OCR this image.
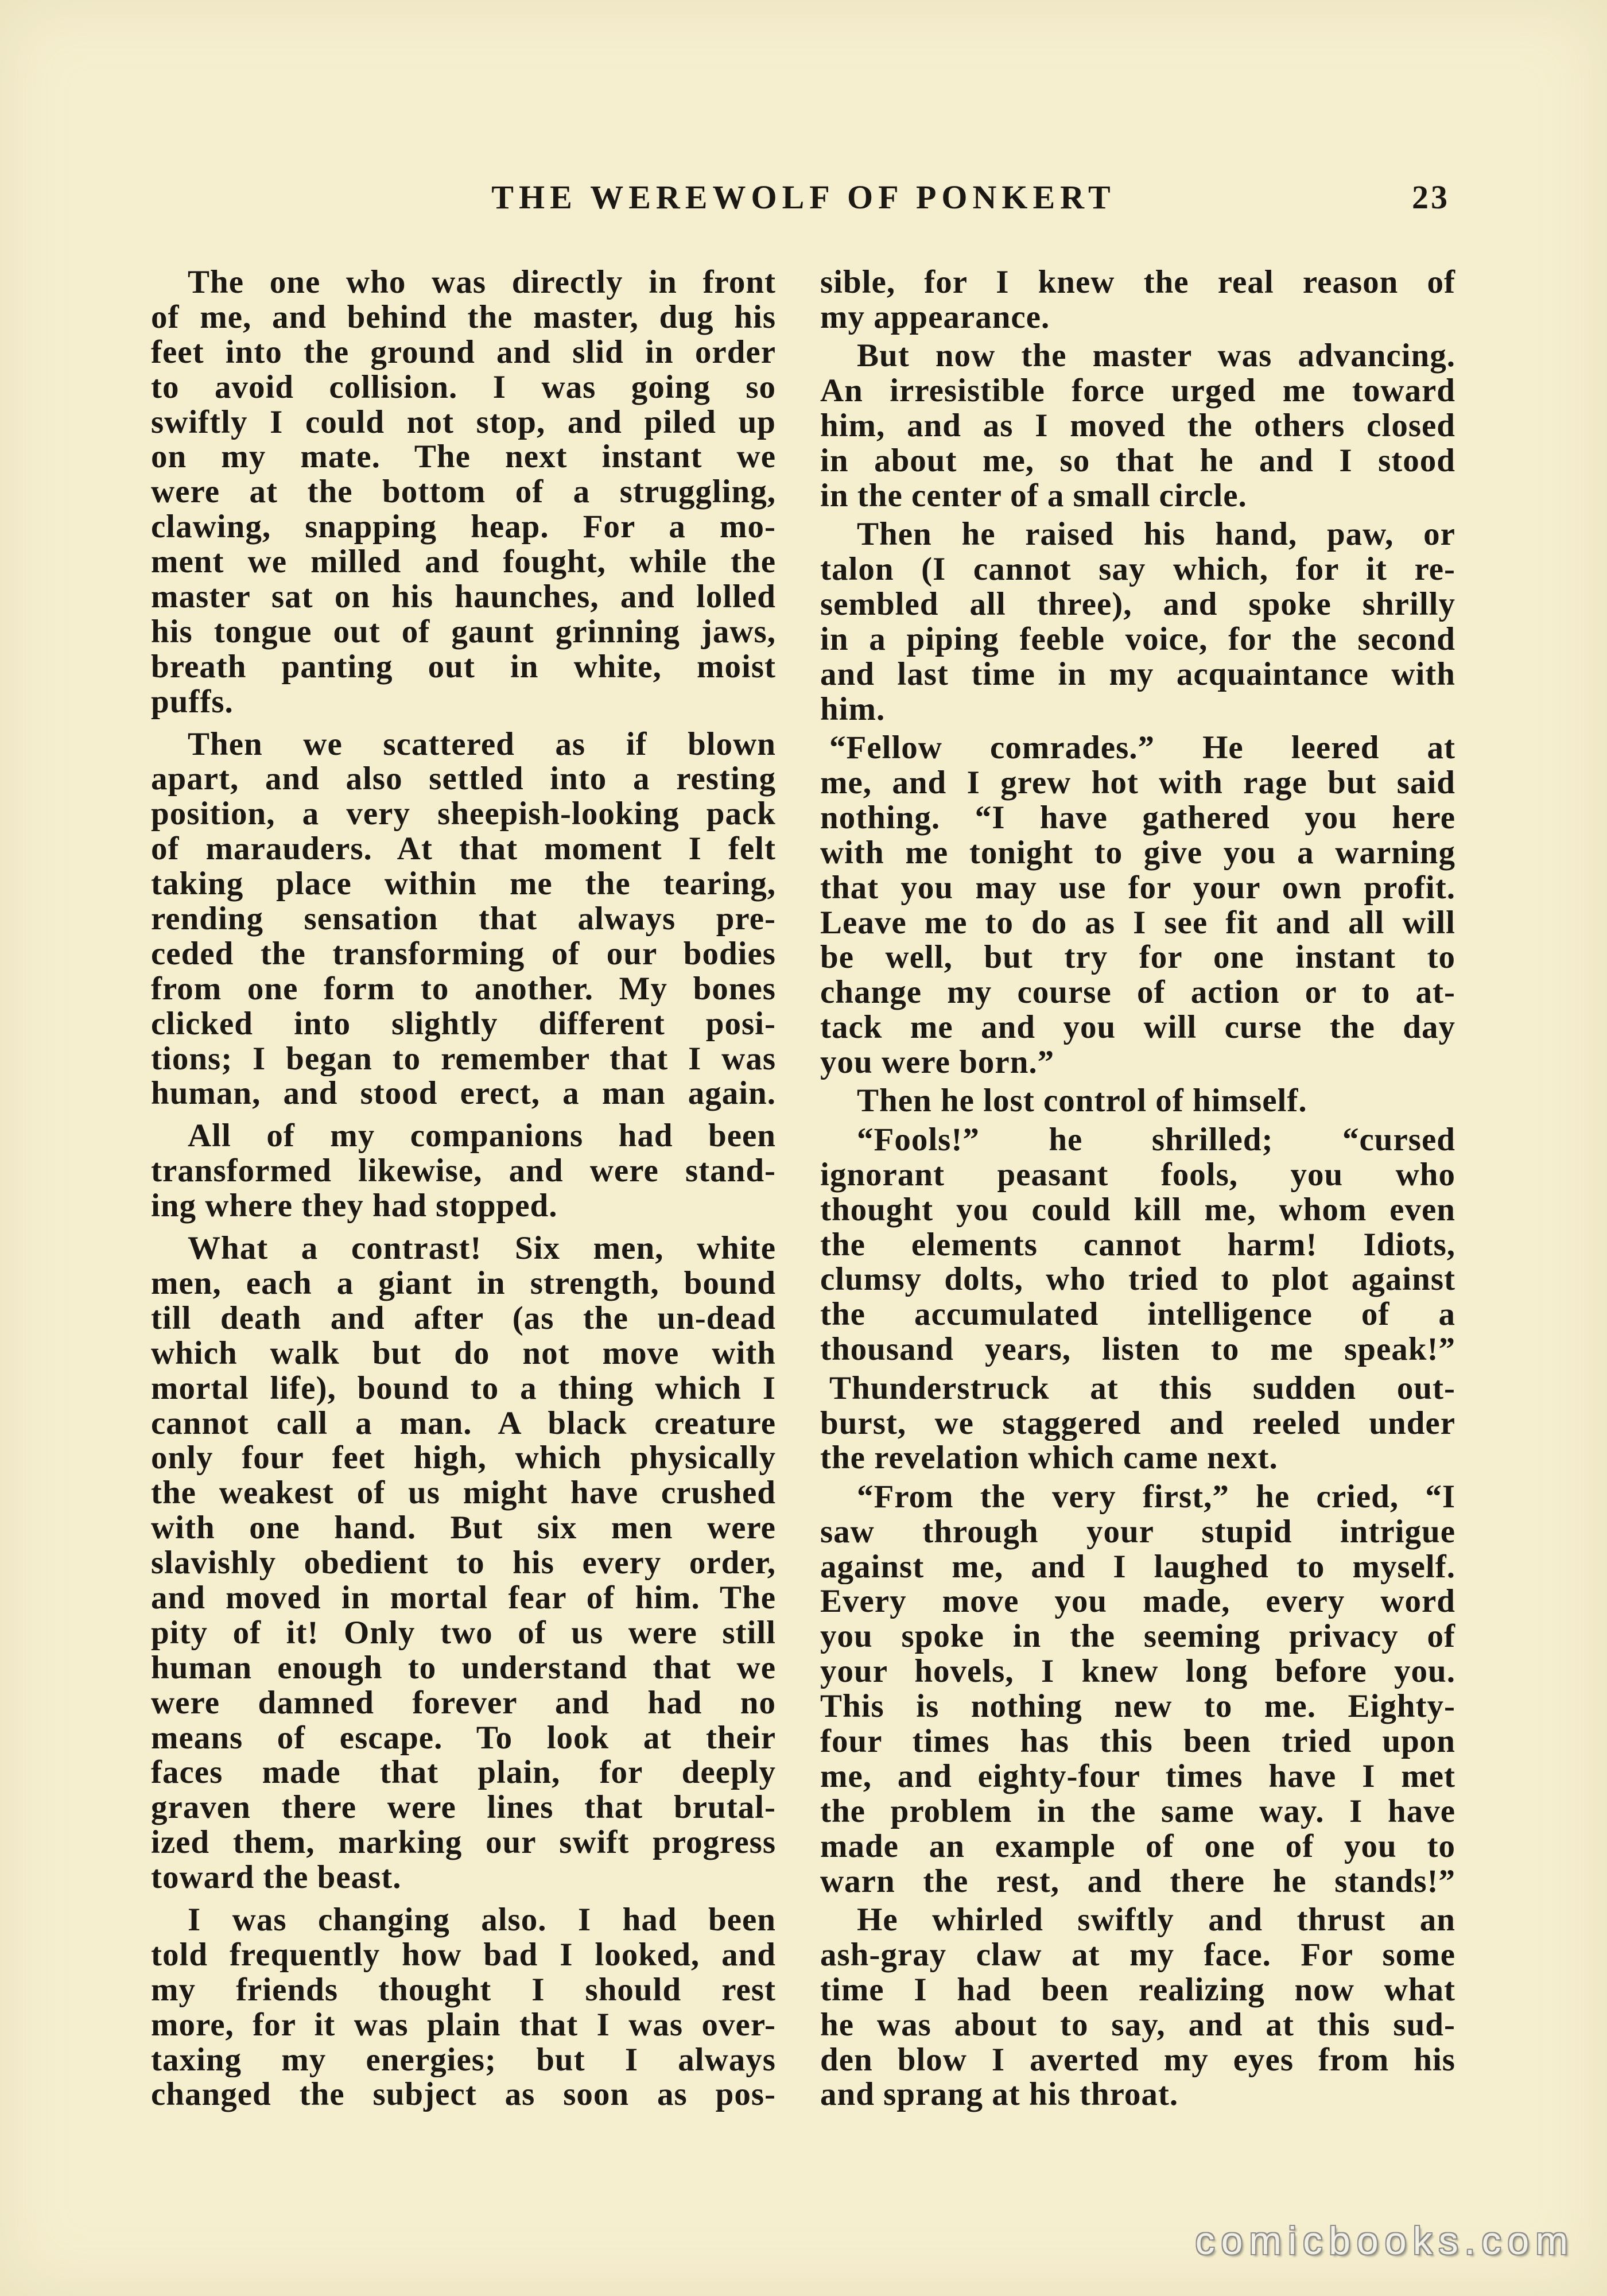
THE WEREWOLF OF PONKERT	23
The one who was directly in front
of me, and behind the master, dug his
feet into the ground and slid in order
to avoid collision. I was going so
swiftly I could not stop, and piled up
on my mate. The next instant we
were at the bottom of a struggling,
clawing, snapping heap. For a mo-
ment we milled and fought, while the
master sat on his haunches, and lolled
his tongue out of gaunt grinning jaws,
breath panting out in white, moist
puffs.
Then we scattered as if blown
apart, and also settled into a resting
position, a very sheepish-looking pack
of marauders. At that moment I felt
taking place within me the tearing,
rending sensation that always pre-
ceded the transforming of our bodies
from one form to another. My bones
clicked into slightly different posi-
tions; I began to remember that I was
human, and stood erect, a man again.
All of my companions had been
transformed likewise, and were stand-
ing where they had stopped.
What a contrast! Six men, white
men, each a giant in strength, bound
till death and after (as the un-dead
which walk but do not move with
mortal life), bound to a thing which I
cannot call a man. A black creature
only four feet high, which physically
the weakest of us might have crushed
with one hand. But six men were
slavishly obedient to his every order,
and moved in mortal fear of him. The
pity of it! Only two of us were still
human enough to understand that we
were damned forever and had no
means of escape. To look at their
faces made that plain, for deeply
graven there were lines that brutal-
ized them, marking our swift progress
toward the beast.
I was changing also. I had been
told frequently how bad I looked, and
my friends thought I should rest
more, for it was plain that I was over-
taxing my energies; but I always
changed the subject as soon as pos-
sible, for I knew the real reason of
my appearance.
But now the master was advancing.
An irresistible force urged me toward
him, and as I moved the others closed
in about me, so that he and I stood
in the center of a small circle.
Then he raised his hand, paw, or
talon (I cannot say which, for it re-
sembled all three), and spoke shrilly
in a piping feeble voice, for the second
and last time in my acquaintance with
him.
“Fellow comrades.” He leered at
me, and I grew hot with rage but said
nothing. “I have gathered you here
with me tonight to give you a warning
that you may use for your own profit.
Leave me to do as I see fit and all will
be well, but try for one instant to
change my course of action or to at-
tack me and you will curse the day
you were born.”
Then he lost control of himself.
“Fools!” he shrilled; “cursed
ignorant peasant fools, you who
thought you could kill me, whom even
the elements cannot harm! Idiots,
clumsy dolts, who tried to plot against
the accumulated intelligence of a
thousand years, listen to me speak!”
Thunderstruck at this sudden out-
burst, we staggered and reeled under
the revelation which came next.
“From the very first,” he cried, “I
saw through your stupid intrigue
against me, and I laughed to myself.
Every move you made, every word
you spoke in the seeming privacy of
your hovels, I knew long before you.
This is nothing new to me. Eighty-
four times has this been tried upon
me, and eighty-four times have I met
the problem in the same way. I have
made an example of one of you to
warn the rest, and there he stands!”
He whirled swiftly and thrust an
ash-gray claw at my face. For some
time I had been realizing now what
he was about to say, and at this sud-
den blow I averted my eyes from his
and sprang at his throat.
comicbooks.com
